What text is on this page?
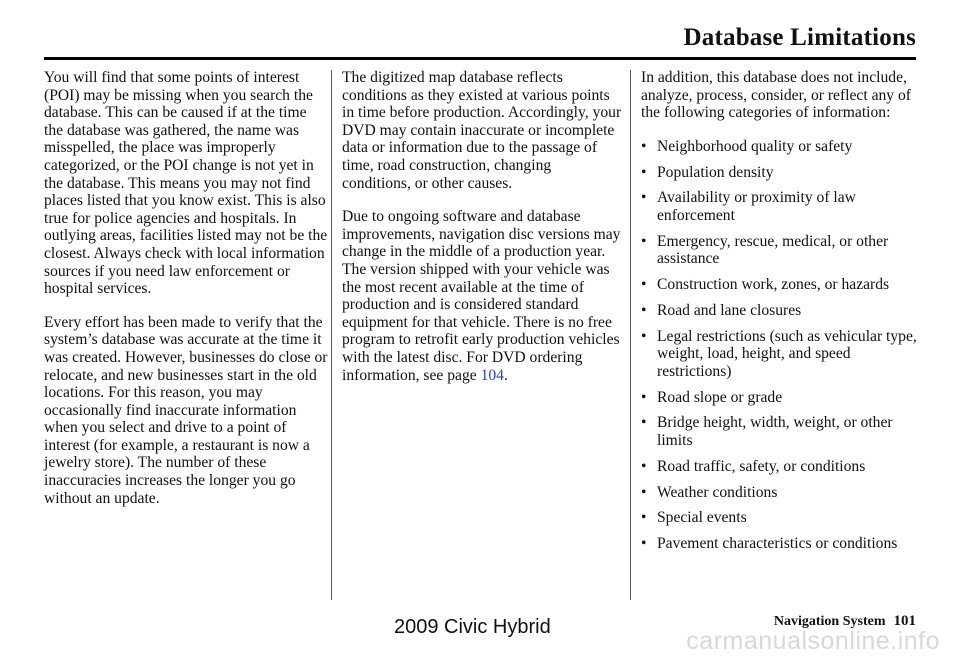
Database Limitations

You will find that some points of interest (POI) may be missing when you search the database. This can be caused if at the time the database was gathered, the name was misspelled, the place was improperly categorized, or the POI change is not yet in the database. This means you may not find places listed that you know exist. This is also true for police agencies and hospitals. In outlying areas, facilities listed may not be the closest. Always check with local information sources if you need law enforcement or hospital services.

Every effort has been made to verify that the system’s database was accurate at the time it was created. However, businesses do close or relocate, and new businesses start in the old locations. For this reason, you may occasionally find inaccurate information when you select and drive to a point of interest (for example, a restaurant is now a jewelry store). The number of these inaccuracies increases the longer you go without an update.

The digitized map database reflects conditions as they existed at various points in time before production. Accordingly, your DVD may contain inaccurate or incomplete data or information due to the passage of time, road construction, changing conditions, or other causes.

Due to ongoing software and database improvements, navigation disc versions may change in the middle of a production year. The version shipped with your vehicle was the most recent available at the time of production and is considered standard equipment for that vehicle. There is no free program to retrofit early production vehicles with the latest disc. For DVD ordering information, see page 104.

In addition, this database does not include, analyze, process, consider, or reflect any of the following categories of information:

• Neighborhood quality or safety
• Population density
• Availability or proximity of law enforcement
• Emergency, rescue, medical, or other assistance
• Construction work, zones, or hazards
• Road and lane closures
• Legal restrictions (such as vehicular type, weight, load, height, and speed restrictions)
• Road slope or grade
• Bridge height, width, weight, or other limits
• Road traffic, safety, or conditions
• Weather conditions
• Special events
• Pavement characteristics or conditions
Navigation System 101
2009 Civic Hybrid	carmanualsonline.info
